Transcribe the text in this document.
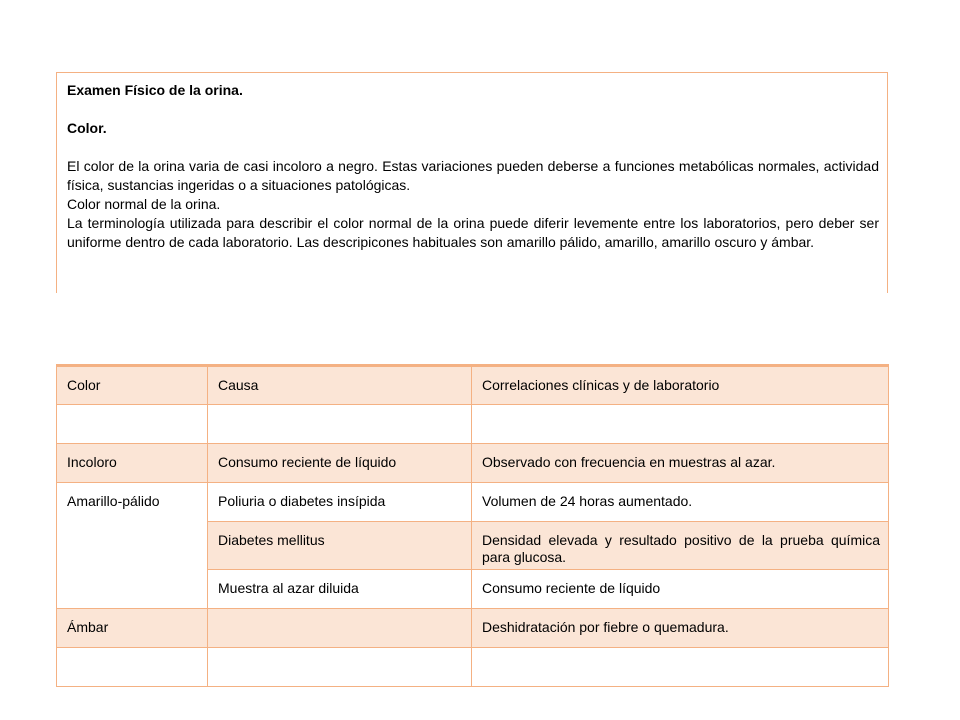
Examen Físico de la orina.
Color.

El color de la orina varia de casi incoloro a negro. Estas variaciones pueden deberse a funciones metabólicas normales, actividad física, sustancias ingeridas o a situaciones patológicas.

Color normal de la orina.

La terminología utilizada para describir el color normal de la orina puede diferir levemente entre los laboratorios, pero deber ser uniforme dentro de cada laboratorio. Las descripicones habituales son amarillo pálido, amarillo, amarillo oscuro y ámbar.

Color	Causa	Correlaciones clínicas y de laboratorio

Incoloro	Consumo reciente de líquido	Observado con frecuencia en muestras al azar.
Amarillo-pálido	Poliuria o diabetes insípida	Volumen de 24 horas aumentado.
	Diabetes mellitus	Densidad elevada y resultado positivo de la prueba química para glucosa.
	Muestra al azar diluida	Consumo reciente de líquido
Ámbar		Deshidratación por fiebre o quemadura.
